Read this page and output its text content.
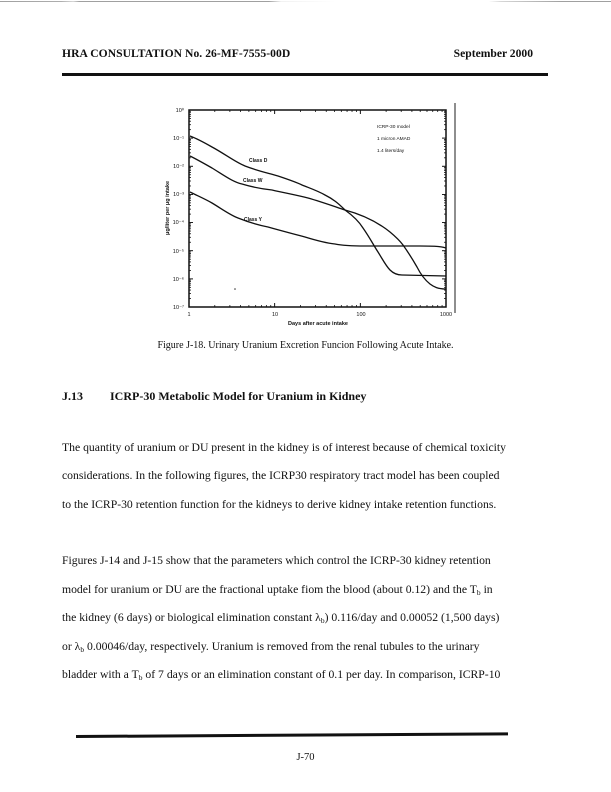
HRA CONSULTATION No. 26-MF-7555-00D	September 2000
10⁰
10⁻¹
10⁻²
10⁻³
10⁻⁴
10⁻⁵
10⁻⁶
10⁻⁷
1	10	100	1000
Days after acute intake
μg/liter per μg intake
Class D
Class W
Class Y
ICRP-30 model
1 micron AMAD
1.4 liters/day
Figure J-18. Urinary Uranium Excretion Funcion Following Acute Intake.
J.13 ICRP-30 Metabolic Model for Uranium in Kidney
The quantity of uranium or DU present in the kidney is of interest because of chemical toxicity
considerations. In the following figures, the ICRP30 respiratory tract model has been coupled
to the ICRP-30 retention function for the kidneys to derive kidney intake retention functions.
Figures J-14 and J-15 show that the parameters which control the ICRP-30 kidney retention
model for uranium or DU are the fractional uptake fiom the blood (about 0.12) and the $T_b$ in
the kidney (6 days) or biological elimination constant $\lambda_b$) 0.116/day and 0.00052 (1,500 days)
or $\lambda_b$ 0.00046/day, respectively. Uranium is removed from the renal tubules to the urinary
bladder with a $T_b$ of 7 days or an elimination constant of 0.1 per day. In comparison, ICRP-10
J-70
